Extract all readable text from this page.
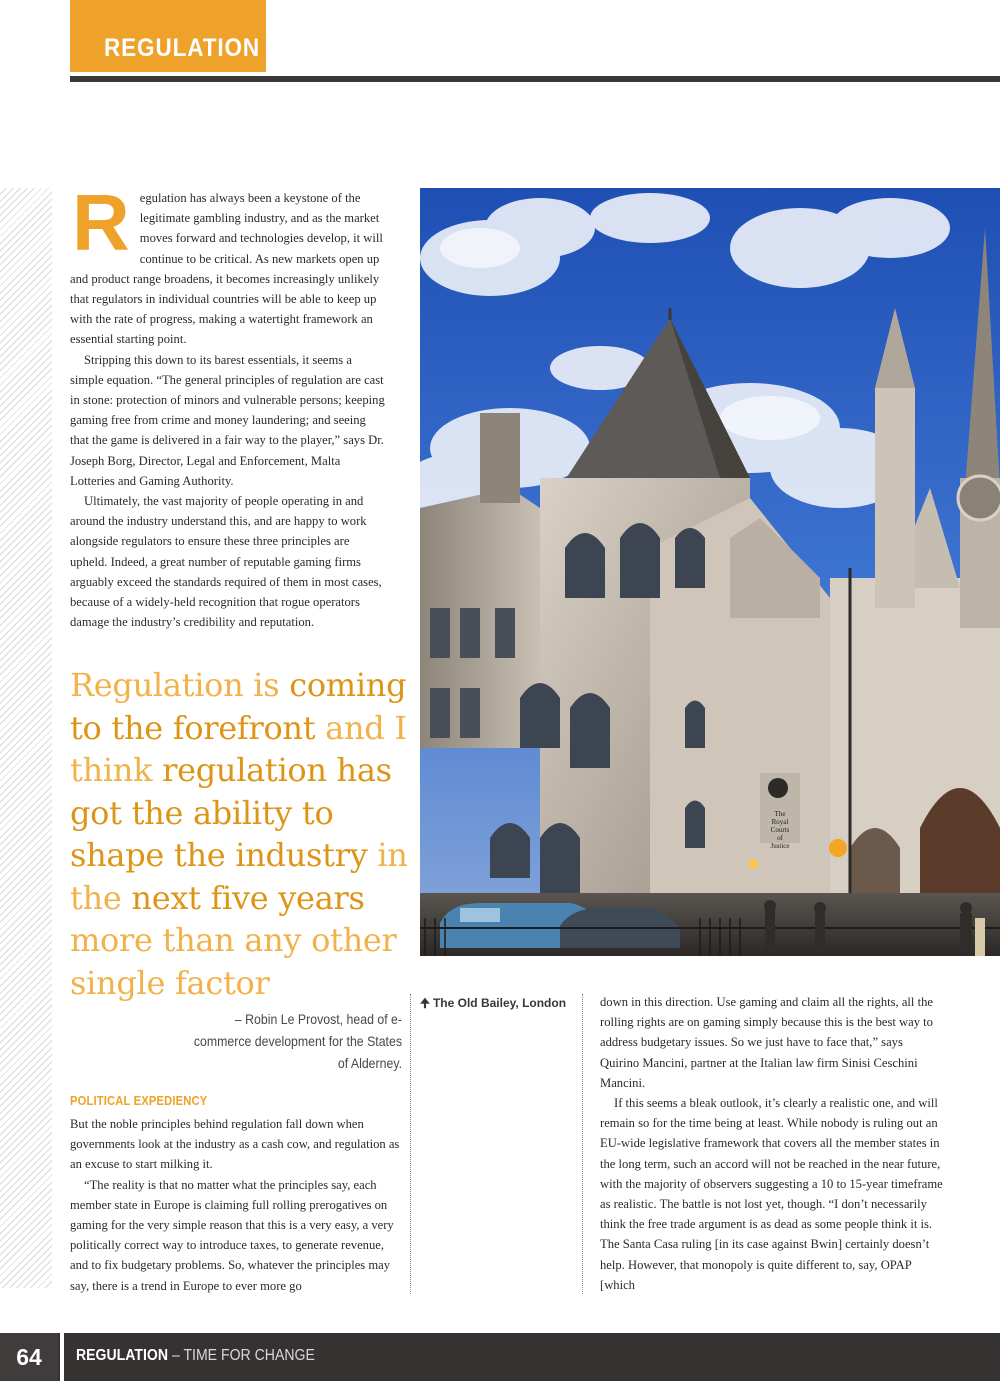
REGULATION

Regulation has always been a keystone of the legitimate gambling industry, and as the market moves forward and technologies develop, it will continue to be critical. As new markets open up and product range broadens, it becomes increasingly unlikely that regulators in individual countries will be able to keep up with the rate of progress, making a watertight framework an essential starting point.

Stripping this down to its barest essentials, it seems a simple equation. “The general principles of regulation are cast in stone: protection of minors and vulnerable persons; keeping gaming free from crime and money laundering; and seeing that the game is delivered in a fair way to the player,” says Dr. Joseph Borg, Director, Legal and Enforcement, Malta Lotteries and Gaming Authority.

Ultimately, the vast majority of people operating in and around the industry understand this, and are happy to work alongside regulators to ensure these three principles are upheld. Indeed, a great number of reputable gaming firms arguably exceed the standards required of them in most cases, because of a widely-held recognition that rogue operators damage the industry’s credibility and reputation.

Regulation is coming to the forefront and I think regulation has got the ability to shape the industry in the next five years more than any other single factor
– Robin Le Provost, head of e-commerce development for the States of Alderney.
POLITICAL EXPEDIENCY

But the noble principles behind regulation fall down when governments look at the industry as a cash cow, and regulation as an excuse to start milking it.

“The reality is that no matter what the principles say, each member state in Europe is claiming full rolling prerogatives on gaming for the very simple reason that this is a very easy, a very politically correct way to introduce taxes, to generate revenue, and to fix budgetary problems. So, whatever the principles may say, there is a trend in Europe to ever more go

🠉 The Old Bailey, London	down in this direction. Use gaming and claim all the rights, all the rolling rights are on gaming simply because this is the best way to address budgetary issues. So we just have to face that,” says Quirino Mancini, partner at the Italian law firm Sinisi Ceschini Mancini.

If this seems a bleak outlook, it’s clearly a realistic one, and will remain so for the time being at least. While nobody is ruling out an EU-wide legislative framework that covers all the member states in the long term, such an accord will not be reached in the near future, with the majority of observers suggesting a 10 to 15-year timeframe as realistic. The battle is not lost yet, though. “I don’t necessarily think the free trade argument is as dead as some people think it is. The Santa Casa ruling [in its case against Bwin] certainly doesn’t help. However, that monopoly is quite different to, say, OPAP [which

The
Royal
Courts
of
Justice
64	REGULATION – TIME FOR CHANGE
